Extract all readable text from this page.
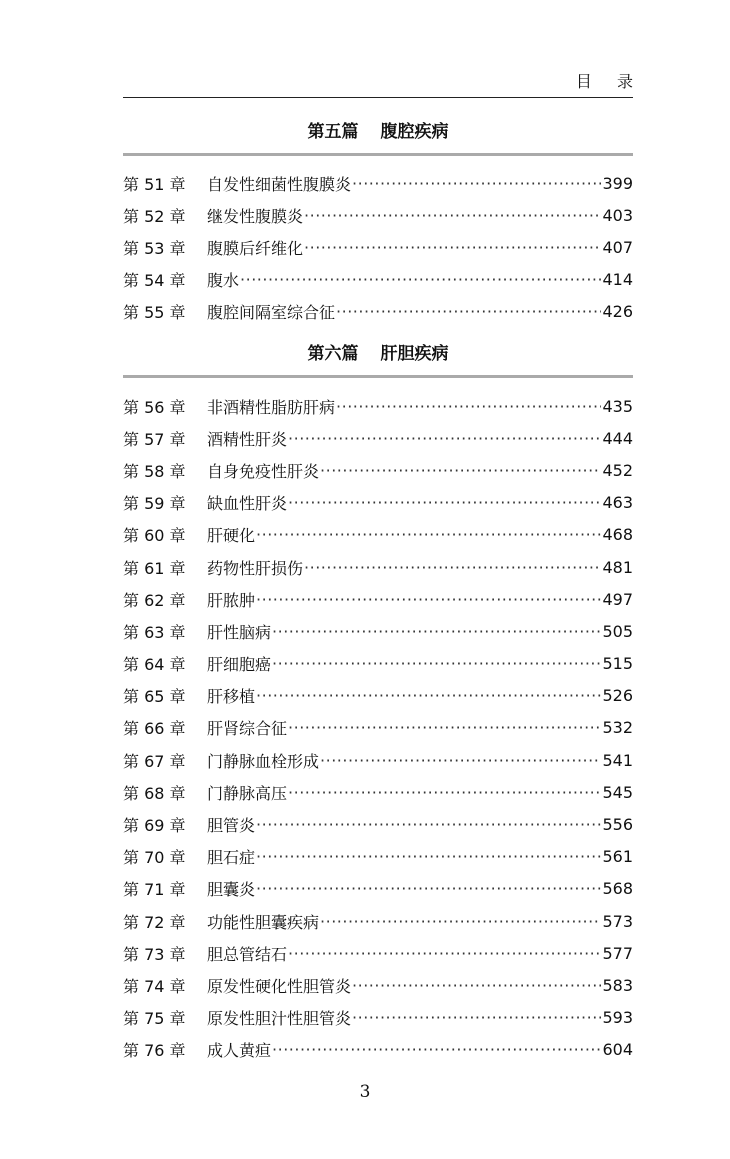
目 录
第五篇 腹腔疾病
第 51 章	自发性细菌性腹膜炎 ·····	399
第 52 章	继发性腹膜炎 ·····	403
第 53 章	腹膜后纤维化 ·····	407
第 54 章	腹水 ·····	414
第 55 章	腹腔间隔室综合征 ·····	426
第六篇 肝胆疾病
第 56 章	非酒精性脂肪肝病 ·····	435
第 57 章	酒精性肝炎 ·····	444
第 58 章	自身免疫性肝炎 ·····	452
第 59 章	缺血性肝炎 ·····	463
第 60 章	肝硬化 ·····	468
第 61 章	药物性肝损伤 ·····	481
第 62 章	肝脓肿 ·····	497
第 63 章	肝性脑病 ·····	505
第 64 章	肝细胞癌 ·····	515
第 65 章	肝移植 ·····	526
第 66 章	肝肾综合征 ·····	532
第 67 章	门静脉血栓形成 ·····	541
第 68 章	门静脉高压 ·····	545
第 69 章	胆管炎 ·····	556
第 70 章	胆石症 ·····	561
第 71 章	胆囊炎 ·····	568
第 72 章	功能性胆囊疾病 ·····	573
第 73 章	胆总管结石 ·····	577
第 74 章	原发性硬化性胆管炎 ·····	583
第 75 章	原发性胆汁性胆管炎 ·····	593
第 76 章	成人黄疸 ·····	604
3
